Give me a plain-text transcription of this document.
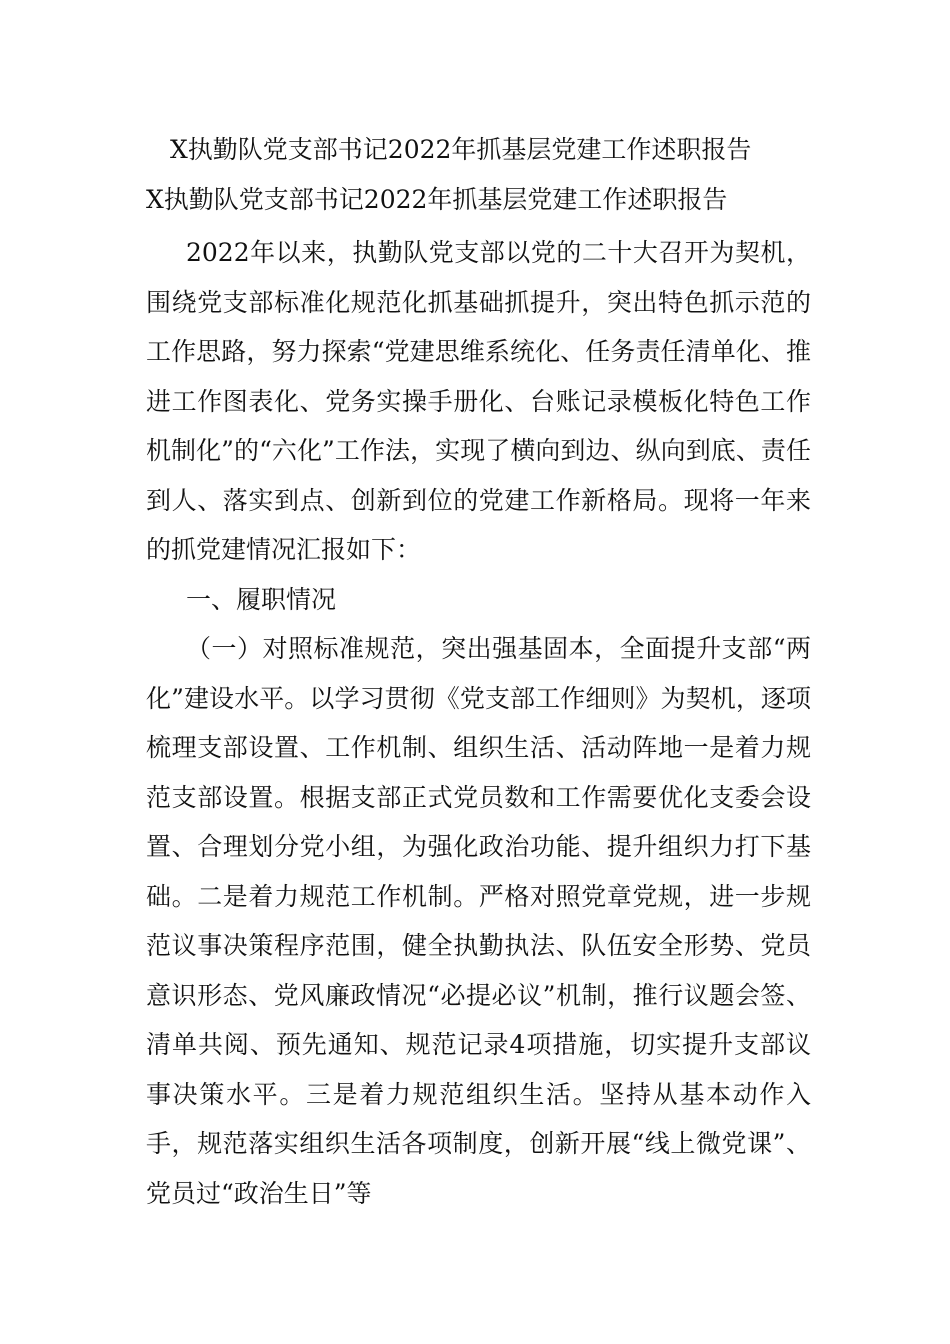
X执勤队党支部书记2022年抓基层党建工作述职报告
X执勤队党支部书记2022年抓基层党建工作述职报告

2022年以来，执勤队党支部以党的二十大召开为契机，围绕党支部标准化规范化抓基础抓提升，突出特色抓示范的工作思路，努力探索“党建思维系统化、任务责任清单化、推进工作图表化、党务实操手册化、台账记录模板化特色工作机制化”的“六化”工作法，实现了横向到边、纵向到底、责任到人、落实到点、创新到位的党建工作新格局。现将一年来的抓党建情况汇报如下：

一、履职情况

（一）对照标准规范，突出强基固本，全面提升支部“两化”建设水平。以学习贯彻《党支部工作细则》为契机，逐项梳理支部设置、工作机制、组织生活、活动阵地一是着力规范支部设置。根据支部正式党员数和工作需要优化支委会设置、合理划分党小组，为强化政治功能、提升组织力打下基础。二是着力规范工作机制。严格对照党章党规，进一步规范议事决策程序范围，健全执勤执法、队伍安全形势、党员意识形态、党风廉政情况“必提必议”机制，推行议题会签、清单共阅、预先通知、规范记录4项措施，切实提升支部议事决策水平。三是着力规范组织生活。坚持从基本动作入手，规范落实组织生活各项制度，创新开展“线上微党课”、党员过“政治生日”等
